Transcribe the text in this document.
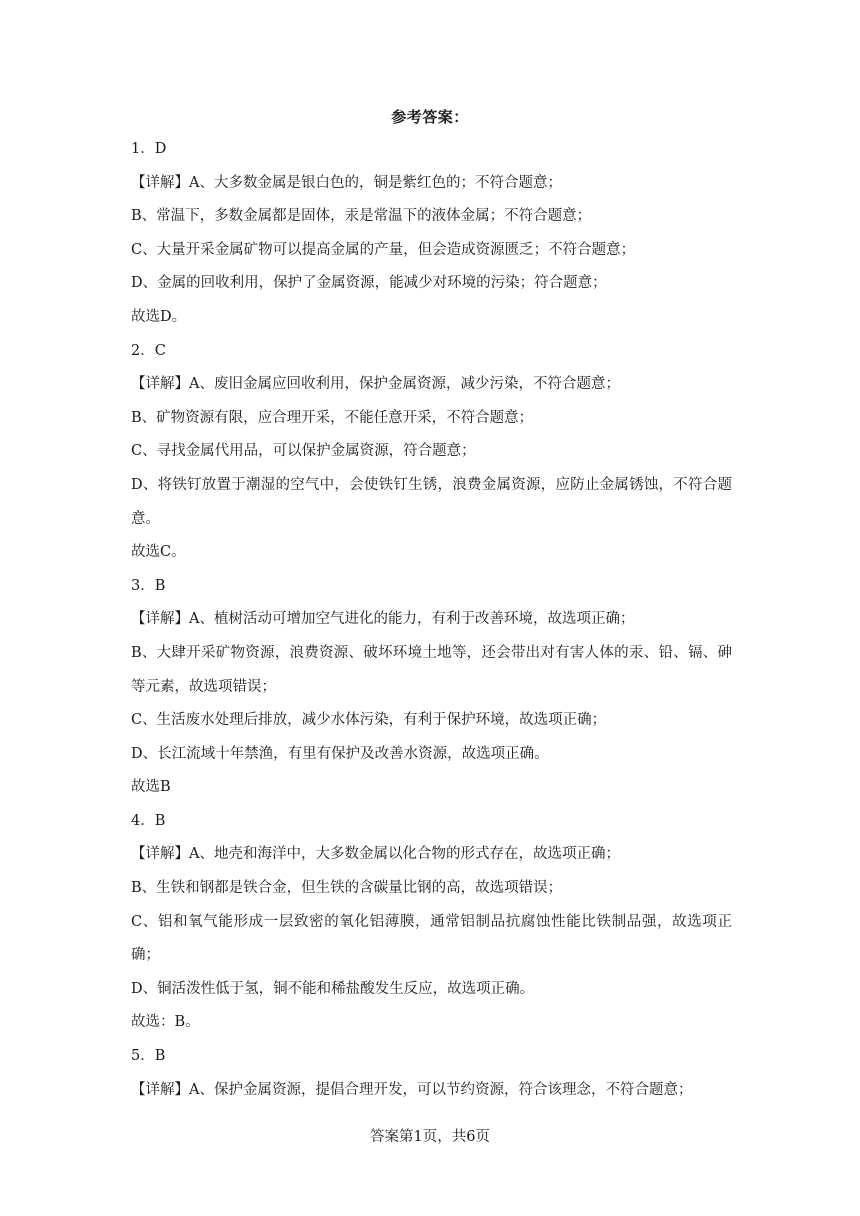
参考答案：

1．D

【详解】A、大多数金属是银白色的，铜是紫红色的；不符合题意；

B、常温下，多数金属都是固体，汞是常温下的液体金属；不符合题意；

C、大量开采金属矿物可以提高金属的产量，但会造成资源匮乏；不符合题意；

D、金属的回收利用，保护了金属资源，能减少对环境的污染；符合题意；

故选D。

2．C

【详解】A、废旧金属应回收利用，保护金属资源，减少污染，不符合题意；

B、矿物资源有限，应合理开采，不能任意开采，不符合题意；

C、寻找金属代用品，可以保护金属资源，符合题意；

D、将铁钉放置于潮湿的空气中，会使铁钉生锈，浪费金属资源，应防止金属锈蚀，不符合题意。

故选C。

3．B

【详解】A、植树活动可增加空气进化的能力，有利于改善环境，故选项正确；

B、大肆开采矿物资源，浪费资源、破坏环境土地等，还会带出对有害人体的汞、铅、镉、砷等元素，故选项错误；

C、生活废水处理后排放，减少水体污染，有利于保护环境，故选项正确；

D、长江流域十年禁渔，有里有保护及改善水资源，故选项正确。

故选B

4．B

【详解】A、地壳和海洋中，大多数金属以化合物的形式存在，故选项正确；

B、生铁和钢都是铁合金，但生铁的含碳量比钢的高，故选项错误；

C、铝和氧气能形成一层致密的氧化铝薄膜，通常铝制品抗腐蚀性能比铁制品强，故选项正确；

D、铜活泼性低于氢，铜不能和稀盐酸发生反应，故选项正确。

故选：B。

5．B

【详解】A、保护金属资源，提倡合理开发，可以节约资源，符合该理念，不符合题意；

答案第1页，共6页
